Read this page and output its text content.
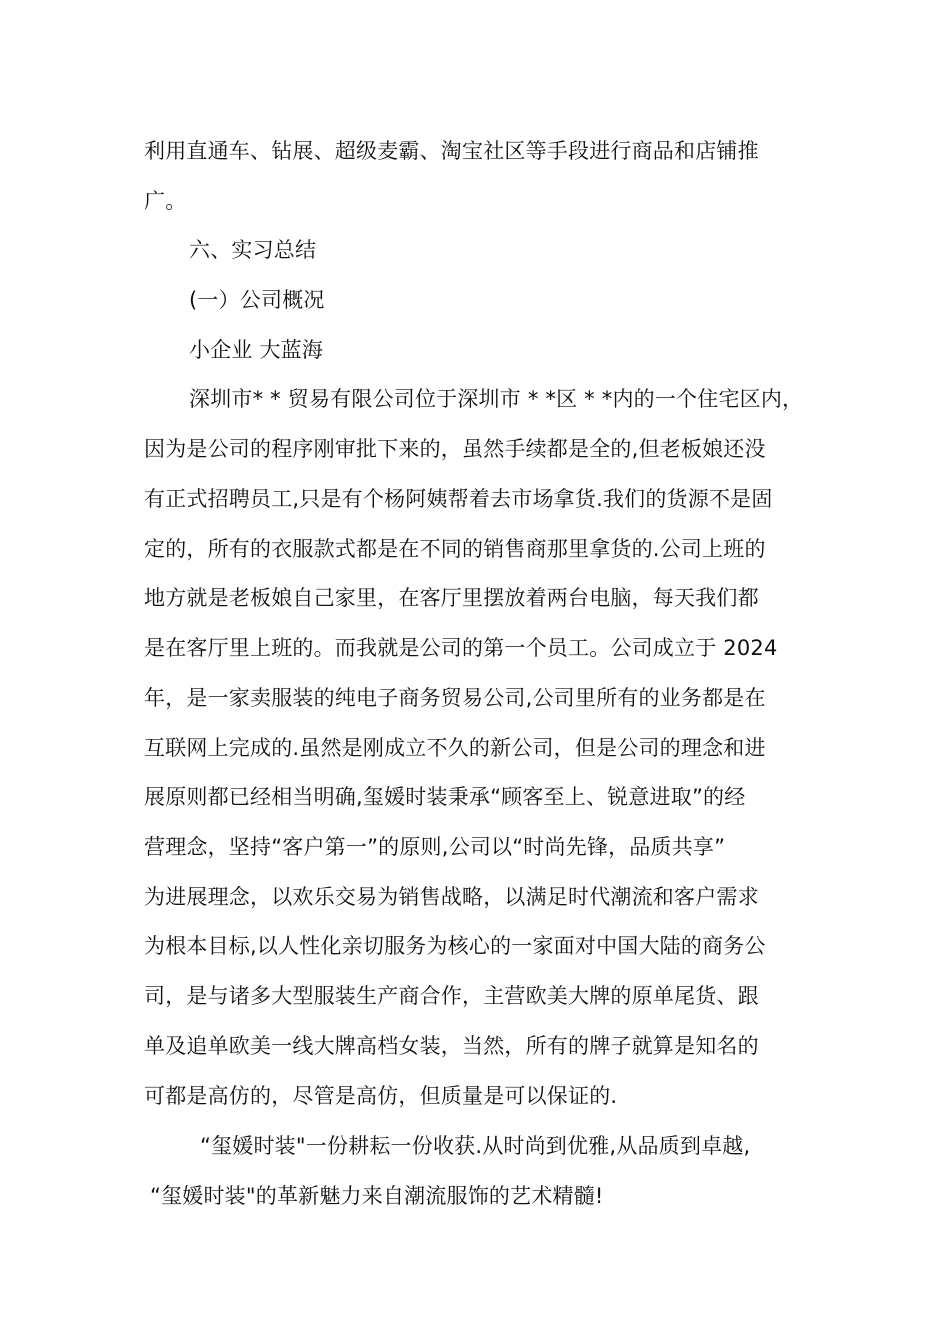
利用直通车、钻展、超级麦霸、淘宝社区等手段进行商品和店铺推
广。
六、实习总结
(一）公司概况
小企业 大蓝海
深圳市* * 贸易有限公司位于深圳市 * *区 * *内的一个住宅区内，
因为是公司的程序刚审批下来的，虽然手续都是全的,但老板娘还没
有正式招聘员工,只是有个杨阿姨帮着去市场拿货.我们的货源不是固
定的，所有的衣服款式都是在不同的销售商那里拿货的.公司上班的
地方就是老板娘自己家里，在客厅里摆放着两台电脑，每天我们都
是在客厅里上班的。而我就是公司的第一个员工。公司成立于 2024
年，是一家卖服装的纯电子商务贸易公司,公司里所有的业务都是在
互联网上完成的.虽然是刚成立不久的新公司，但是公司的理念和进
展原则都已经相当明确,玺媛时装秉承“顾客至上、锐意进取”的经
营理念，坚持“客户第一”的原则,公司以“时尚先锋，品质共享”
为进展理念，以欢乐交易为销售战略，以满足时代潮流和客户需求
为根本目标,以人性化亲切服务为核心的一家面对中国大陆的商务公
司，是与诸多大型服装生产商合作，主营欧美大牌的原单尾货、跟
单及追单欧美一线大牌高档女装，当然，所有的牌子就算是知名的
可都是高仿的，尽管是高仿，但质量是可以保证的.
“玺媛时装"一份耕耘一份收获.从时尚到优雅,从品质到卓越,
“玺媛时装"的革新魅力来自潮流服饰的艺术精髓!
